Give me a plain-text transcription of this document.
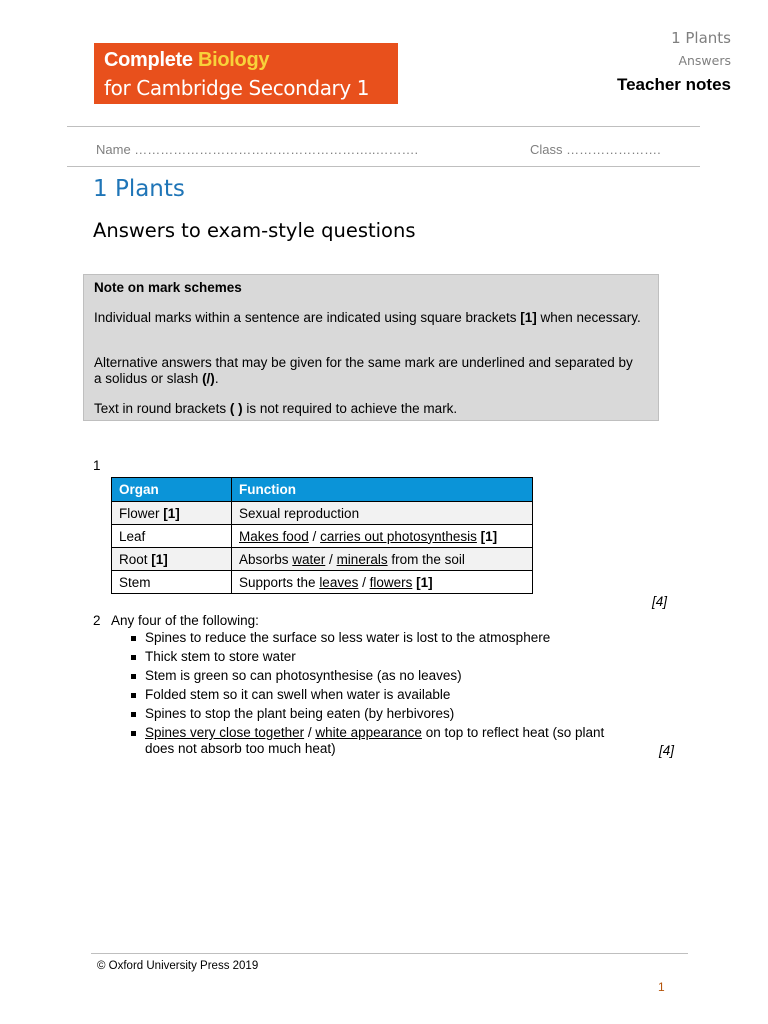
Complete Biology
for Cambridge Secondary 1
1 Plants
Answers
Teacher notes
Name ………………………………………………..……….	Class ………………….
1 Plants
Answers to exam-style questions
Note on mark schemes
Individual marks within a sentence are indicated using square brackets [1] when necessary.
Alternative answers that may be given for the same mark are underlined and separated by a solidus or slash (/).
Text in round brackets ( ) is not required to achieve the mark.
1
Organ	Function
Flower [1]	Sexual reproduction
Leaf	Makes food / carries out photosynthesis [1]
Root [1]	Absorbs water / minerals from the soil
Stem	Supports the leaves / flowers [1]
[4]
2 Any four of the following:
Spines to reduce the surface so less water is lost to the atmosphere
Thick stem to store water
Stem is green so can photosynthesise (as no leaves)
Folded stem so it can swell when water is available
Spines to stop the plant being eaten (by herbivores)
Spines very close together / white appearance on top to reflect heat (so plant does not absorb too much heat)	[4]
© Oxford University Press 2019
1
